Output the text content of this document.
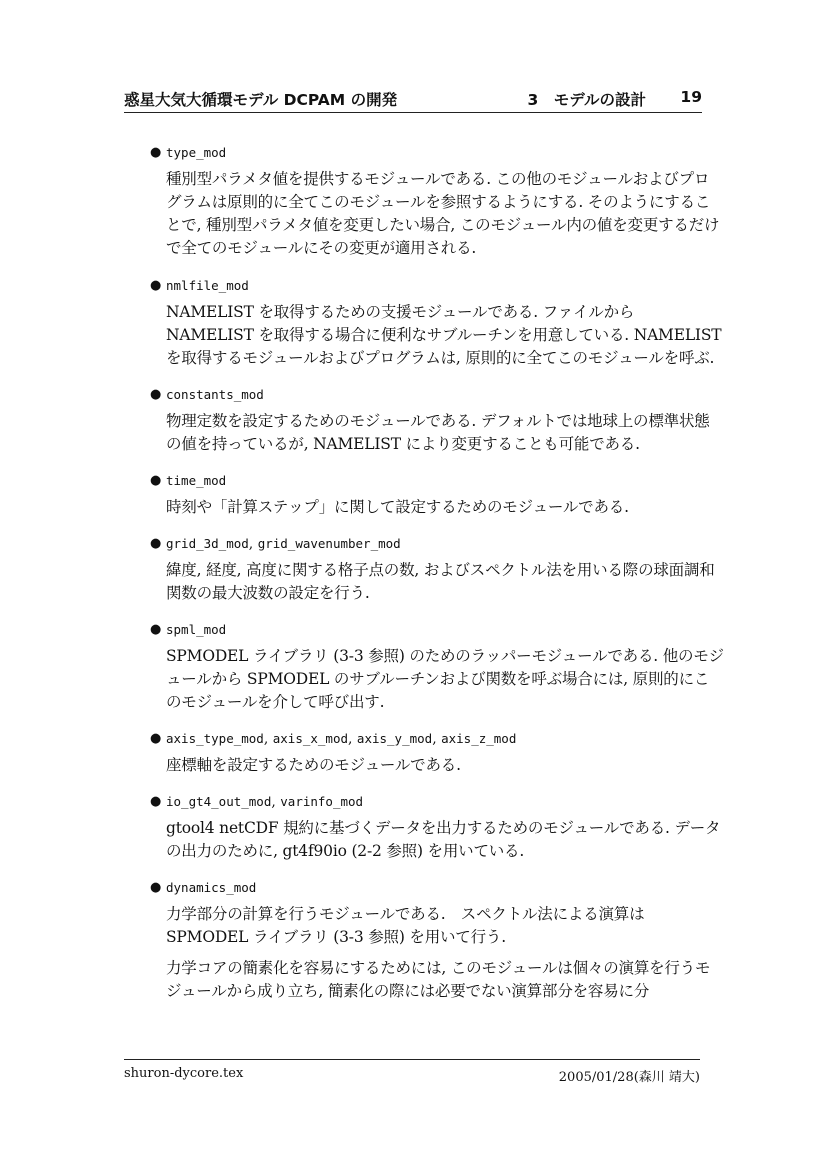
惑星大気大循環モデル DCPAM の開発	3　モデルの設計 19
● type_mod

種別型パラメタ値を提供するモジュールである. この他のモジュールおよびプログラムは原則的に全てこのモジュールを参照するようにする. そのようにすることで, 種別型パラメタ値を変更したい場合, このモジュール内の値を変更するだけで全てのモジュールにその変更が適用される.

● nmlfile_mod

NAMELIST を取得するための支援モジュールである. ファイルから NAMELIST を取得する場合に便利なサブルーチンを用意している. NAMELIST を取得するモジュールおよびプログラムは, 原則的に全てこのモジュールを呼ぶ.

● constants_mod

物理定数を設定するためのモジュールである. デフォルトでは地球上の標準状態の値を持っているが, NAMELIST により変更することも可能である.

● time_mod

時刻や「計算ステップ」に関して設定するためのモジュールである.

● grid_3d_mod, grid_wavenumber_mod

緯度, 経度, 高度に関する格子点の数, およびスペクトル法を用いる際の球面調和関数の最大波数の設定を行う.

● spml_mod

SPMODEL ライブラリ (3-3 参照) のためのラッパーモジュールである. 他のモジュールから SPMODEL のサブルーチンおよび関数を呼ぶ場合には, 原則的にこのモジュールを介して呼び出す.

● axis_type_mod, axis_x_mod, axis_y_mod, axis_z_mod

座標軸を設定するためのモジュールである.

● io_gt4_out_mod, varinfo_mod

gtool4 netCDF 規約に基づくデータを出力するためのモジュールである. データの出力のために, gt4f90io (2-2 参照) を用いている.

● dynamics_mod

力学部分の計算を行うモジュールである.　スペクトル法による演算は SPMODEL ライブラリ (3-3 参照) を用いて行う.

力学コアの簡素化を容易にするためには, このモジュールは個々の演算を行うモジュールから成り立ち, 簡素化の際には必要でない演算部分を容易に分

shuron-dycore.tex	2005/01/28(森川 靖大)
